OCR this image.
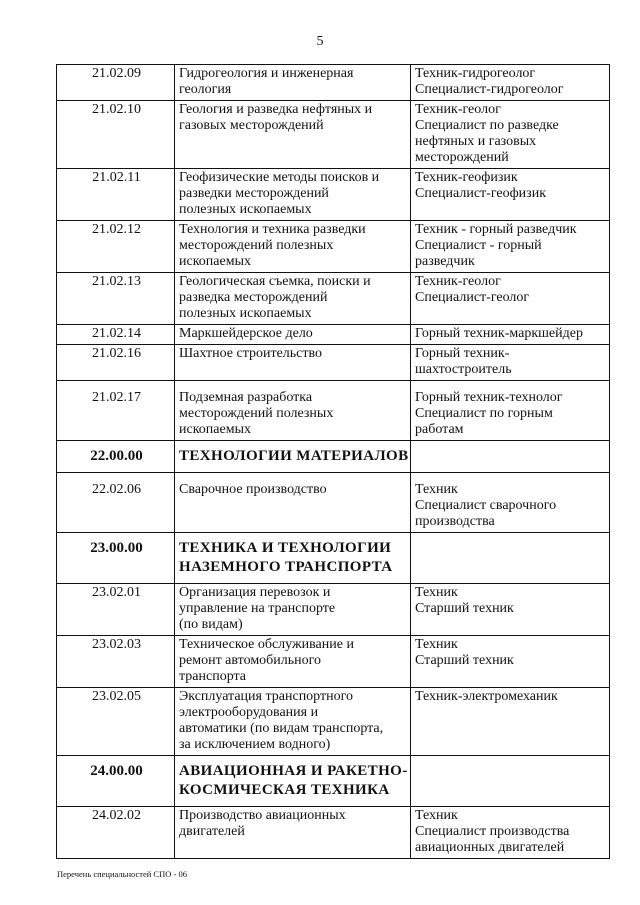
5
21.02.09	Гидрогеология и инженерная
геология	Техник-гидрогеолог
Специалист-гидрогеолог

21.02.10	Геология и разведка нефтяных и
газовых месторождений	Техник-геолог
Специалист по разведке
нефтяных и газовых
месторождений

21.02.11	Геофизические методы поисков и
разведки месторождений
полезных ископаемых	Техник-геофизик
Специалист-геофизик

21.02.12	Технология и техника разведки
месторождений полезных
ископаемых	Техник - горный разведчик
Специалист - горный
разведчик

21.02.13	Геологическая съемка, поиски и
разведка месторождений
полезных ископаемых	Техник-геолог
Специалист-геолог

21.02.14	Маркшейдерское дело	Горный техник-маркшейдер

21.02.16	Шахтное строительство	Горный техник-
шахтостроитель

21.02.17	Подземная разработка
месторождений полезных
ископаемых	Горный техник-технолог
Специалист по горным
работам

22.00.00	ТЕХНОЛОГИИ МАТЕРИАЛОВ	

22.02.06	Сварочное производство	Техник
Специалист сварочного
производства

23.00.00	ТЕХНИКА И ТЕХНОЛОГИИ
НАЗЕМНОГО ТРАНСПОРТА	

23.02.01	Организация перевозок и
управление на транспорте
(по видам)	Техник
Старший техник

23.02.03	Техническое обслуживание и
ремонт автомобильного
транспорта	Техник
Старший техник

23.02.05	Эксплуатация транспортного
электрооборудования и
автоматики (по видам транспорта,
за исключением водного)	Техник-электромеханик

24.00.00	АВИАЦИОННАЯ И РАКЕТНО-
КОСМИЧЕСКАЯ ТЕХНИКА	

24.02.02	Производство авиационных
двигателей	Техник
Специалист производства
авиационных двигателей
Перечень специальностей СПО - 06
